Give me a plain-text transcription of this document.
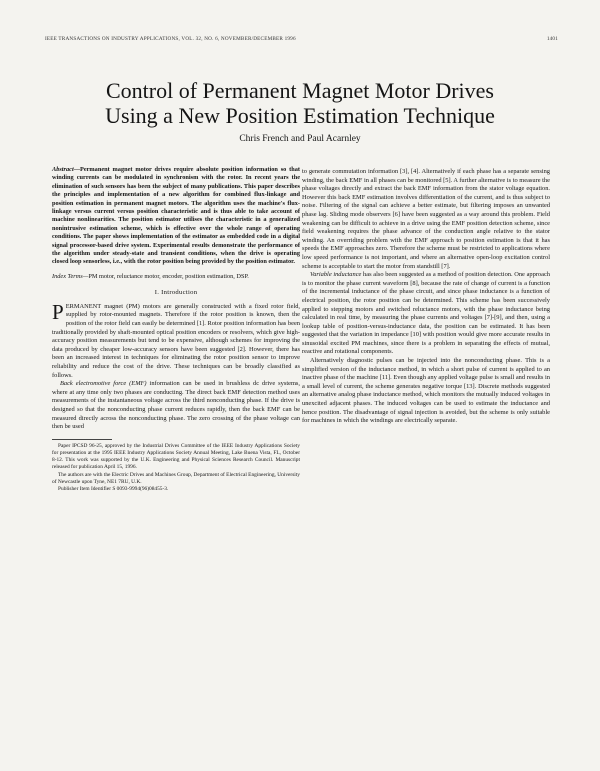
IEEE TRANSACTIONS ON INDUSTRY APPLICATIONS, VOL. 32, NO. 6, NOVEMBER/DECEMBER 1996	1401
Control of Permanent Magnet Motor Drives
Using a New Position Estimation Technique
Chris French and Paul Acarnley

Abstract—Permanent magnet motor drives require absolute position information so that winding currents can be modulated in synchronism with the rotor. In recent years the elimination of such sensors has been the subject of many publications. This paper describes the principles and implementation of a new algorithm for combined flux-linkage and position estimation in permanent magnet motors. The algorithm uses the machine's flux-linkage versus current versus position characteristic and is thus able to take account of machine nonlinearities. The position estimator utilises the characteristic in a generalized nonintrusive estimation scheme, which is effective over the whole range of operating conditions. The paper shows implementation of the estimator as embedded code in a digital signal processor-based drive system. Experimental results demonstrate the performance of the algorithm under steady-state and transient conditions, when the drive is operating closed loop sensorless, i.e., with the rotor position being provided by the position estimator.

Index Terms—PM motor, reluctance motor, encoder, position estimation, DSP.

I. Introduction

PERMANENT magnet (PM) motors are generally constructed with a fixed rotor field, supplied by rotor-mounted magnets. Therefore if the rotor position is known, then the position of the rotor field can easily be determined [1]. Rotor position information has been traditionally provided by shaft-mounted optical position encoders or resolvers, which give high-accuracy position measurements but tend to be expensive, although schemes for improving the data produced by cheaper low-accuracy sensors have been suggested [2]. However, there has been an increased interest in techniques for eliminating the rotor position sensor to improve reliability and reduce the cost of the drive. These techniques can be broadly classified as follows.

Back electromotive force (EMF) information can be used in brushless dc drive systems, where at any time only two phases are conducting. The direct back EMF detection method uses measurements of the instantaneous voltage across the third nonconducting phase. If the drive is designed so that the nonconducting phase current reduces rapidly, then the back EMF can be measured directly across the nonconducting phase. The zero crossing of the phase voltage can then be used

Paper IPCSD 96-25, approved by the Industrial Drives Committee of the IEEE Industry Applications Society for presentation at the 1995 IEEE Industry Applications Society Annual Meeting, Lake Buena Vista, FL, October 8-12. This work was supported by the U.K. Engineering and Physical Sciences Research Council. Manuscript released for publication April 15, 1996.

The authors are with the Electric Drives and Machines Group, Department of Electrical Engineering, University of Newcastle upon Tyne, NE1 7RU, U.K.

Publisher Item Identifier S 0093-9994(96)08455-3.

to generate commutation information [3], [4]. Alternatively if each phase has a separate sensing winding, the back EMF in all phases can be monitored [5]. A further alternative is to measure the phase voltages directly and extract the back EMF information from the stator voltage equation. However this back EMF estimation involves differentiation of the current, and is thus subject to noise. Filtering of the signal can achieve a better estimate, but filtering imposes an unwanted phase lag. Sliding mode observers [6] have been suggested as a way around this problem. Field weakening can be difficult to achieve in a drive using the EMF position detection scheme, since field weakening requires the phase advance of the conduction angle relative to the stator winding. An overriding problem with the EMF approach to position estimation is that it has speeds the EMF approaches zero. Therefore the scheme must be restricted to applications where low speed performance is not important, and where an alternative open-loop excitation control scheme is acceptable to start the motor from standstill [7].

Variable inductance has also been suggested as a method of position detection. One approach is to monitor the phase current waveform [8], because the rate of change of current is a function of the incremental inductance of the phase circuit, and since phase inductance is a function of electrical position, the rotor position can be determined. This scheme has been successively applied to stepping motors and switched reluctance motors, with the phase inductance being calculated in real time, by measuring the phase currents and voltages [7]-[9], and then, using a lookup table of position-versus-inductance data, the position can be estimated. It has been suggested that the variation in impedance [10] with position would give more accurate results in sinusoidal excited PM machines, since there is a problem in separating the effects of mutual, reactive and rotational components.

Alternatively diagnostic pulses can be injected into the nonconducting phase. This is a simplified version of the inductance method, in which a short pulse of current is applied to an inactive phase of the machine [11]. Even though any applied voltage pulse is small and results in a small level of current, the scheme generates negative torque [13]. Discrete methods suggested an alternative analog phase inductance method, which monitors the mutually induced voltages in unexcited adjacent phases. The induced voltages can be used to estimate the inductance and hence position. The disadvantage of signal injection is avoided, but the scheme is only suitable for machines in which the windings are electrically separate.
